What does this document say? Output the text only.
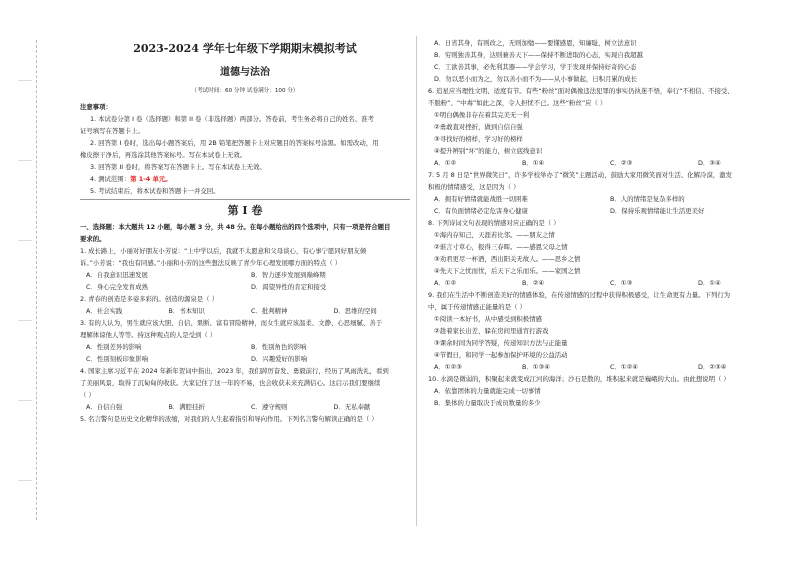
2023-2024 学年七年级下学期期末模拟考试
道德与法治
（考试时间：60 分钟 试卷满分：100 分）
注意事项：
1. 本试卷分第 I 卷（选择题）和第 II 卷（非选择题）两部分。答卷前，考生务必将自己的姓名、准考
证号填写在答题卡上。
2. 回答第 I 卷时，选出每小题答案后，用 2B 铅笔把答题卡上对应题目的答案标号涂黑。如需改动，用
橡皮擦干净后，再选涂其他答案标号。写在本试卷上无效。
3. 回答第 II 卷时，将答案写在答题卡上。写在本试卷上无效。
4. 测试范围：第 1-4 单元。
5. 考试结束后，将本试卷和答题卡一并交回。
第 I 卷
一、选择题：本大题共 12 小题，每小题 3 分，共 48 分。在每小题给出的四个选项中，只有一项是符合题目
要求的。
1. 成长路上，小丽对好朋友小芳说：“上中学以后，我就不太愿意和父母谈心，有心事宁愿同好朋友倾
诉。”小芳说：“我也有同感。”小丽和小芳的这些想法反映了青少年心理发展哪方面的特点（ ）
A．自我意识迅速发展	B．智力逐步发展到巅峰期
C．身心完全发育成熟	D．渴望异性的肯定和接受
2. 青春的创造是多姿多彩的。创造的源泉是（ ）
A．社会实践	B．书本知识	C．批判精神	D．思维的空间
3. 有的人认为，男生就应该大胆、自信、果断、富有冒险精神，而女生就应该温柔、文静、心思细腻、善于
理解体谅他人等等。持这种观点的人是受到（ ）
A．性别差异的影响	B．性别角色的影响
C．性别刻板印象影响	D．兴趣爱好的影响
4. 国家主席习近平在 2024 年新年贺词中指出，2023 年，我们踔厉奋发、勇毅前行，经历了风雨洗礼，看到
了美丽风景，取得了沉甸甸的收获。大家记住了这一年的不易，也会收获未来充满信心。这启示我们要继续
（ ）
A．自信自强	B．满腔挂折	C．遵守规则	D．无私奉献
5. 名言警句是历史文化精华的浓缩，对我们的人生起着指引和导向作用。下列名言警句解读正确的是（ ）
A．日省其身，有则改之，无则加勉——要懂感恩，知廉耻，树立法意识
B．穷则独善其身，达则兼善天下——保持不断进取的心态，实现自我超越
C．工欲善其事，必先利其器——学会学习，学于发现并保持好奇的心态
D．勿以恶小而为之，勿以善小而不为——从小事做起，日积月累的成长
6. 追星应当理性文明、适度有节。有些“粉丝”面对偶像违法犯罪的事实仍执迷不悟，奉行“不相信、不接受、
不脱粉”、“中毒”如此之深，令人担忧不已。这些“粉丝”应（ ）
①明白偶像非存在着其完美无一利
②勇敢直对挫折，做到自信自强
③寻找好的榜样，学习好的榜样
④提升辨别“坏”的能力，树立底线意识
A．①②	B．①④	C．②③	D．③④
7. 5 月 8 日是“世界微笑日”，许多学校举办了“微笑”主题活动，鼓励大家用微笑面对生活、化解冷漠，激发
积极的情绪感受，这是因为（ ）
A．拥有好情绪就能战胜一切困难	B．人的情绪是复杂多样的
C．有负面情绪必定危害身心健康	D．保持乐观情绪能让生活更美好
8. 下列诗词文句表现的情感对应正确的是（ ）
①海内存知己，天涯若比邻。——朋友之情
②谁言寸草心，报得三春晖。——感恩父母之情
③劝君更尽一杯酒，西出阳关无故人。——思乡之情
④先天下之忧而忧，后天下之乐而乐。——家国之情
A．①②	B．②④	C．①③	D．①④
9. 我们在生活中不断创造美好的情感体验，在传递情感的过程中获得积极感受，让生命更有力量。下列行为
中，属于传递情感正能量的是（ ）
①阅读一本好书，从中感受到积极情感
②趁着家长出差，躲在房间里通宵打游戏
③课余时间为同学答疑，传递知识方法与正能量
④节假日，和同学一起参加保护环境的公益活动
A．①②③	B．①③④	C．①②④	D．②③④
10. 水滴是微弱的，积聚起来就变成江河的海洋；沙石是散的，堆积起来就是巍峨的大山。由此想说明（ ）
A．依靠团体的力量就能完成一切事情
B．集体的力量取决于成员数量的多少
